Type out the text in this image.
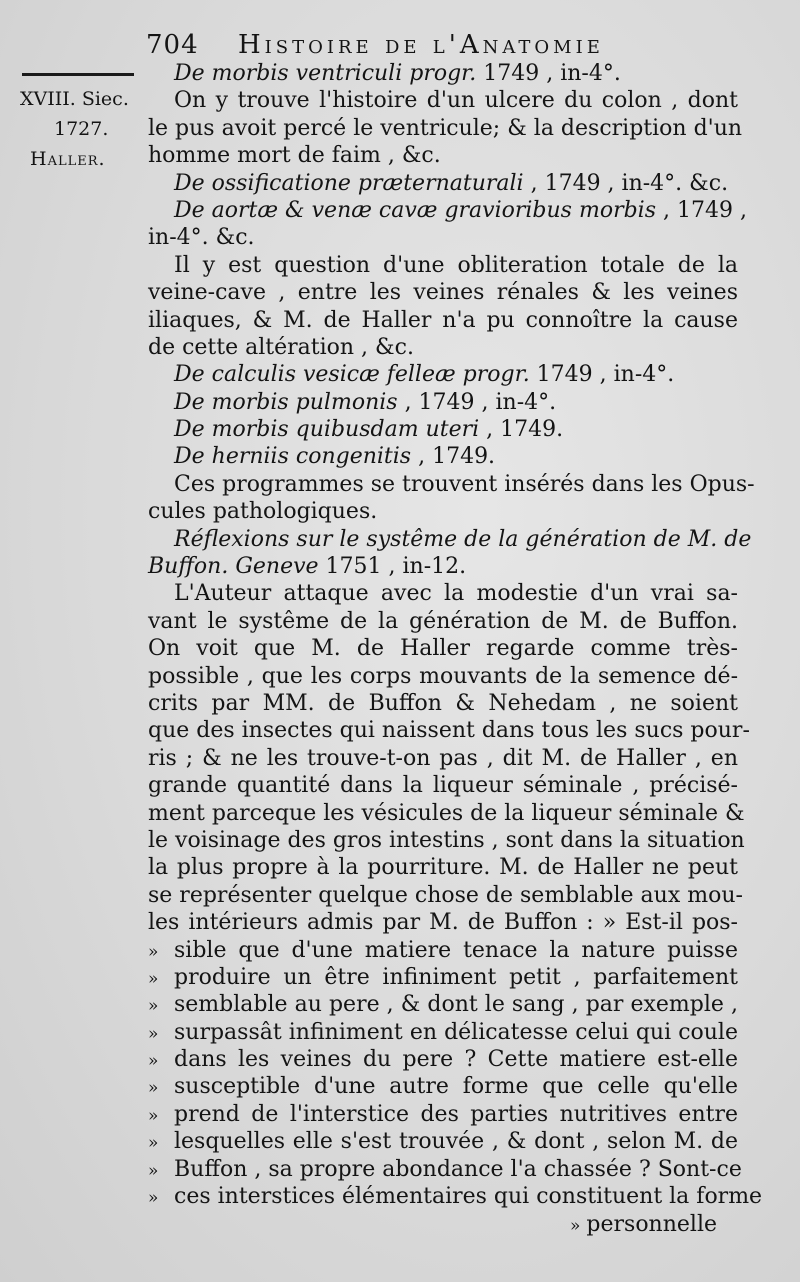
704 Histoire de l'Anatomie
XVIII. Siec.
1727.
Haller.
De morbis ventriculi progr. 1749 , in-4°.
On y trouve l'histoire d'un ulcere du colon , dont
le pus avoit percé le ventricule; & la description d'un
homme mort de faim , &c.
De ossificatione præternaturali , 1749 , in-4°. &c.
De aortæ & venæ cavæ gravioribus morbis , 1749 ,
in-4°. &c.
Il y est question d'une obliteration totale de la
veine-cave , entre les veines rénales & les veines
iliaques, & M. de Haller n'a pu connoître la cause
de cette altération , &c.
De calculis vesicæ felleæ progr. 1749 , in-4°.
De morbis pulmonis , 1749 , in-4°.
De morbis quibusdam uteri , 1749.
De herniis congenitis , 1749.
Ces programmes se trouvent insérés dans les Opus-
cules pathologiques.
Réflexions sur le systême de la génération de M. de
Buffon. Geneve 1751 , in-12.
L'Auteur attaque avec la modestie d'un vrai sa-
vant le systême de la génération de M. de Buffon.
On voit que M. de Haller regarde comme très-
possible , que les corps mouvants de la semence dé-
crits par MM. de Buffon & Nehedam , ne soient
que des insectes qui naissent dans tous les sucs pour-
ris ; & ne les trouve-t-on pas , dit M. de Haller , en
grande quantité dans la liqueur séminale , précisé-
ment parceque les vésicules de la liqueur séminale &
le voisinage des gros intestins , sont dans la situation
la plus propre à la pourriture. M. de Haller ne peut
se représenter quelque chose de semblable aux mou-
les intérieurs admis par M. de Buffon : » Est-il pos-
» sible que d'une matiere tenace la nature puisse
» produire un être infiniment petit , parfaitement
» semblable au pere , & dont le sang , par exemple ,
» surpassât infiniment en délicatesse celui qui coule
» dans les veines du pere ? Cette matiere est-elle
» susceptible d'une autre forme que celle qu'elle
» prend de l'interstice des parties nutritives entre
» lesquelles elle s'est trouvée , & dont , selon M. de
» Buffon , sa propre abondance l'a chassée ? Sont-ce
» ces interstices élémentaires qui constituent la forme
» personnelle
